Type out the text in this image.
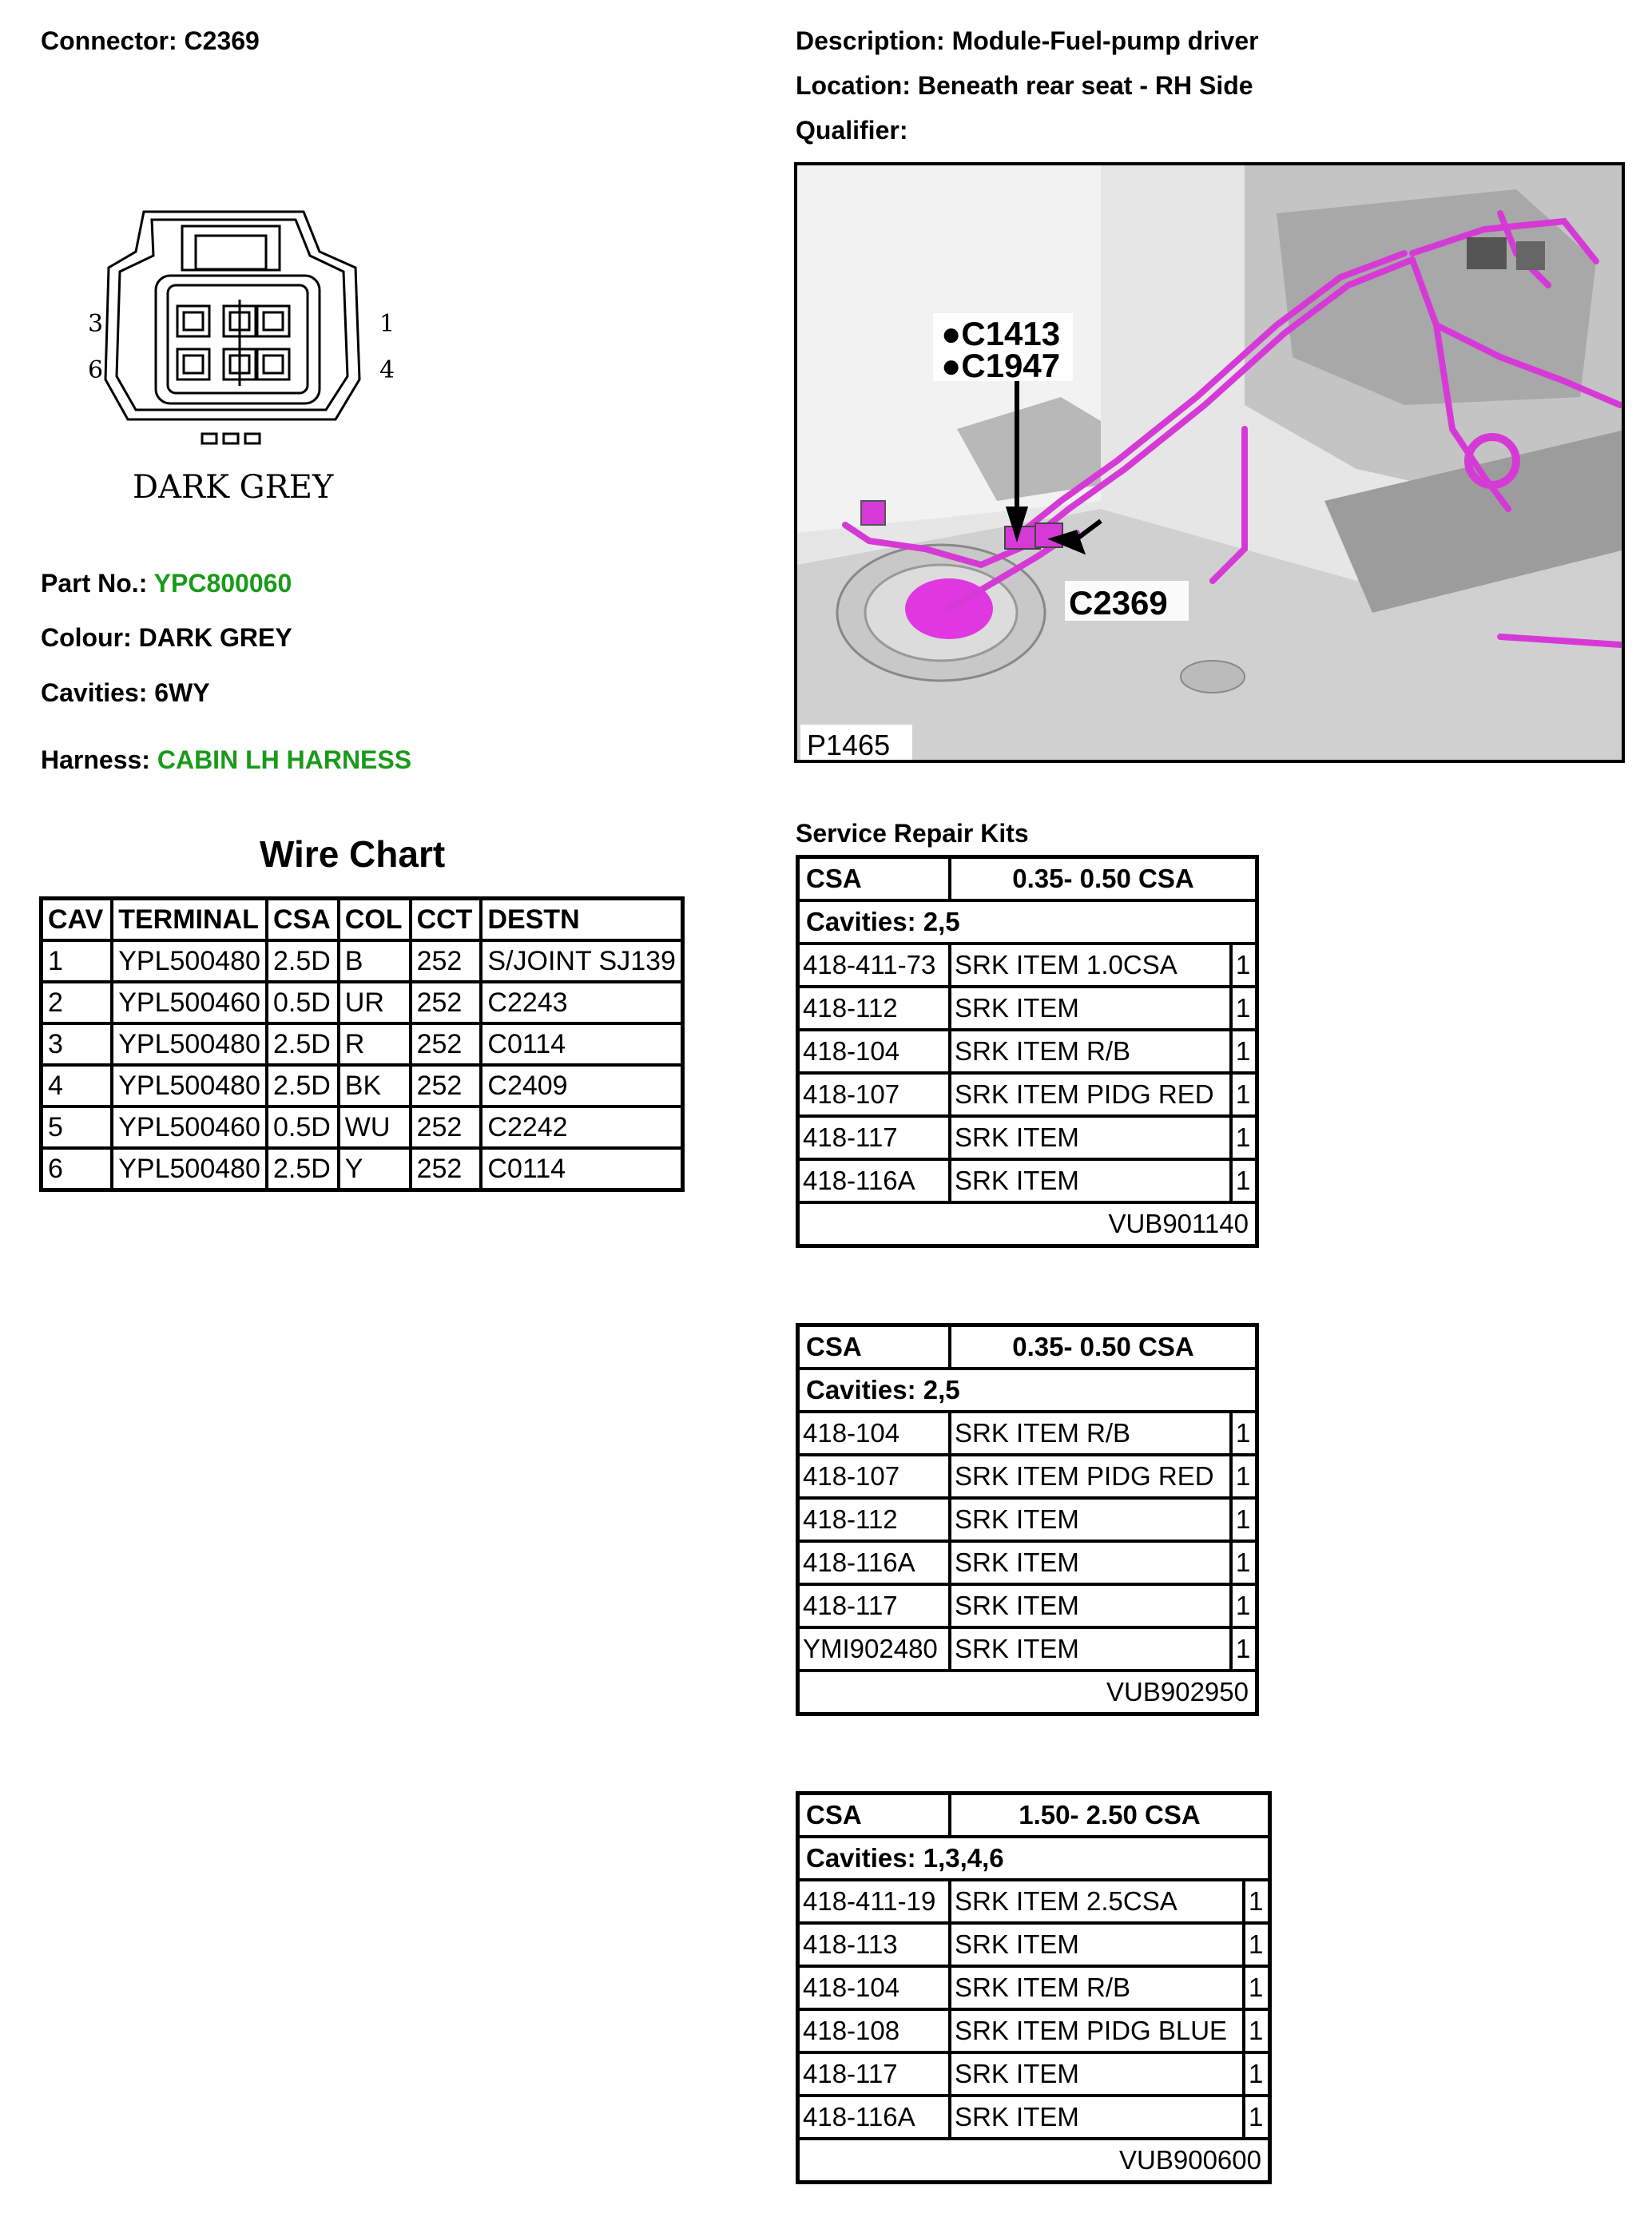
Connector: C2369
3
6
1
4
DARK GREY
Part No.: YPC800060
Colour: DARK GREY
Cavities: 6WY
Harness: CABIN LH HARNESS
Description: Module-Fuel-pump driver
Location: Beneath rear seat - RH Side
Qualifier:
●C1413
●C1947
C2369
P1465
Wire Chart
CAV	TERMINAL	CSA	COL	CCT	DESTN
1	YPL500480	2.5D	B	252	S/JOINT SJ139
2	YPL500460	0.5D	UR	252	C2243
3	YPL500480	2.5D	R	252	C0114
4	YPL500480	2.5D	BK	252	C2409
5	YPL500460	0.5D	WU	252	C2242
6	YPL500480	2.5D	Y	252	C0114
Service Repair Kits
CSA	0.35- 0.50 CSA	
Cavities: 2,5		
418-411-73	SRK ITEM 1.0CSA	1
418-112	SRK ITEM	1
418-104	SRK ITEM R/B	1
418-107	SRK ITEM PIDG RED	1
418-117	SRK ITEM	1
418-116A	SRK ITEM	1
VUB901140		
CSA	0.35- 0.50 CSA	
Cavities: 2,5		
418-104	SRK ITEM R/B	1
418-107	SRK ITEM PIDG RED	1
418-112	SRK ITEM	1
418-116A	SRK ITEM	1
418-117	SRK ITEM	1
YMI902480	SRK ITEM	1
VUB902950		
CSA	1.50- 2.50 CSA	
Cavities: 1,3,4,6		
418-411-19	SRK ITEM 2.5CSA	1
418-113	SRK ITEM	1
418-104	SRK ITEM R/B	1
418-108	SRK ITEM PIDG BLUE	1
418-117	SRK ITEM	1
418-116A	SRK ITEM	1
VUB900600		
